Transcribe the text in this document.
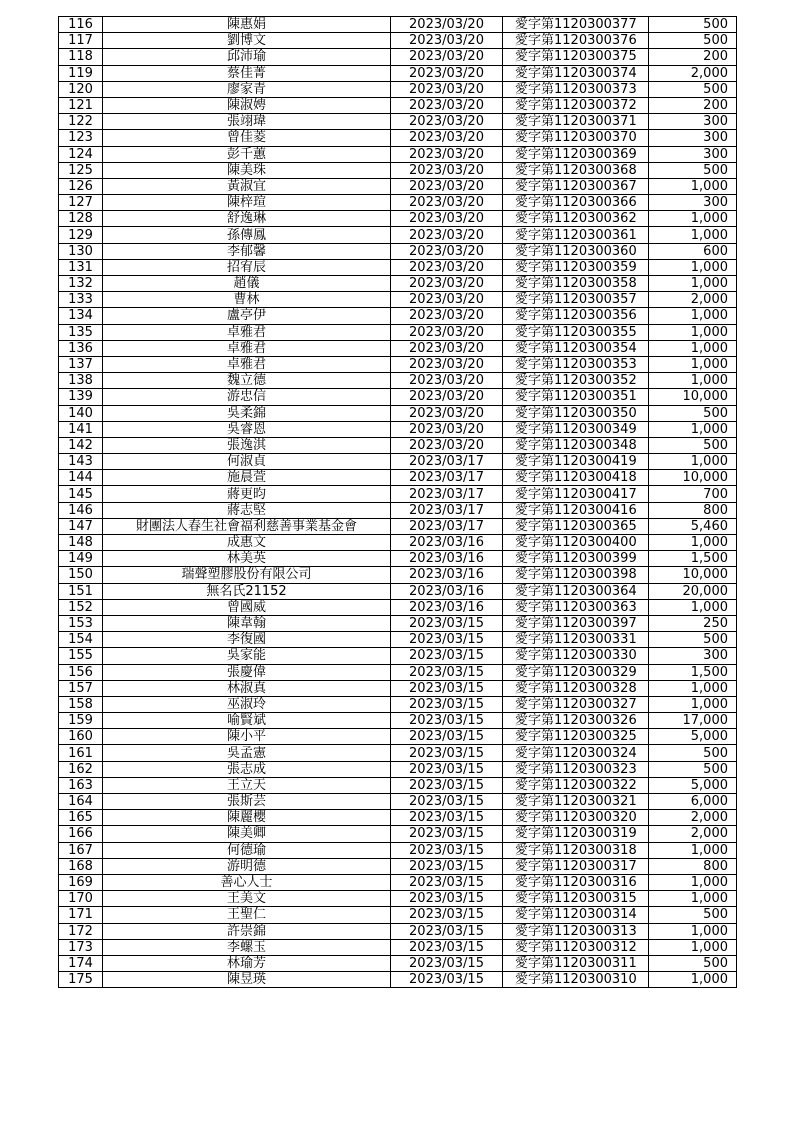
116	陳惠娟	2023/03/20	愛字第1120300377	500
117	劉博文	2023/03/20	愛字第1120300376	500
118	邱沛瑜	2023/03/20	愛字第1120300375	200
119	蔡佳菁	2023/03/20	愛字第1120300374	2,000
120	廖家青	2023/03/20	愛字第1120300373	500
121	陳淑娉	2023/03/20	愛字第1120300372	200
122	張翊瑋	2023/03/20	愛字第1120300371	300
123	曾佳菱	2023/03/20	愛字第1120300370	300
124	彭千蕙	2023/03/20	愛字第1120300369	300
125	陳美珠	2023/03/20	愛字第1120300368	500
126	黃淑宜	2023/03/20	愛字第1120300367	1,000
127	陳梓瑄	2023/03/20	愛字第1120300366	300
128	舒逸琳	2023/03/20	愛字第1120300362	1,000
129	孫傳鳳	2023/03/20	愛字第1120300361	1,000
130	李郁馨	2023/03/20	愛字第1120300360	600
131	招宥辰	2023/03/20	愛字第1120300359	1,000
132	趙儀	2023/03/20	愛字第1120300358	1,000
133	曹林	2023/03/20	愛字第1120300357	2,000
134	盧亭伊	2023/03/20	愛字第1120300356	1,000
135	卓雅君	2023/03/20	愛字第1120300355	1,000
136	卓雅君	2023/03/20	愛字第1120300354	1,000
137	卓雅君	2023/03/20	愛字第1120300353	1,000
138	魏立德	2023/03/20	愛字第1120300352	1,000
139	游忠信	2023/03/20	愛字第1120300351	10,000
140	吳柔錦	2023/03/20	愛字第1120300350	500
141	吳睿恩	2023/03/20	愛字第1120300349	1,000
142	張逸淇	2023/03/20	愛字第1120300348	500
143	何淑貞	2023/03/17	愛字第1120300419	1,000
144	施晨萱	2023/03/17	愛字第1120300418	10,000
145	蔣更昀	2023/03/17	愛字第1120300417	700
146	蔣志堅	2023/03/17	愛字第1120300416	800
147	財團法人春生社會福利慈善事業基金會	2023/03/17	愛字第1120300365	5,460
148	成惠文	2023/03/16	愛字第1120300400	1,000
149	林美英	2023/03/16	愛字第1120300399	1,500
150	瑞聲塑膠股份有限公司	2023/03/16	愛字第1120300398	10,000
151	無名氏21152	2023/03/16	愛字第1120300364	20,000
152	曾國威	2023/03/16	愛字第1120300363	1,000
153	陳韋翰	2023/03/15	愛字第1120300397	250
154	李復國	2023/03/15	愛字第1120300331	500
155	吳家能	2023/03/15	愛字第1120300330	300
156	張慶偉	2023/03/15	愛字第1120300329	1,500
157	林淑真	2023/03/15	愛字第1120300328	1,000
158	巫淑玲	2023/03/15	愛字第1120300327	1,000
159	喻賢斌	2023/03/15	愛字第1120300326	17,000
160	陳小平	2023/03/15	愛字第1120300325	5,000
161	吳孟憲	2023/03/15	愛字第1120300324	500
162	張志成	2023/03/15	愛字第1120300323	500
163	王立天	2023/03/15	愛字第1120300322	5,000
164	張斯芸	2023/03/15	愛字第1120300321	6,000
165	陳麗櫻	2023/03/15	愛字第1120300320	2,000
166	陳美卿	2023/03/15	愛字第1120300319	2,000
167	何德瑜	2023/03/15	愛字第1120300318	1,000
168	游明德	2023/03/15	愛字第1120300317	800
169	善心人士	2023/03/15	愛字第1120300316	1,000
170	王美文	2023/03/15	愛字第1120300315	1,000
171	王聖仁	2023/03/15	愛字第1120300314	500
172	許崇錦	2023/03/15	愛字第1120300313	1,000
173	李螺玉	2023/03/15	愛字第1120300312	1,000
174	林瑜芳	2023/03/15	愛字第1120300311	500
175	陳昱瑛	2023/03/15	愛字第1120300310	1,000
